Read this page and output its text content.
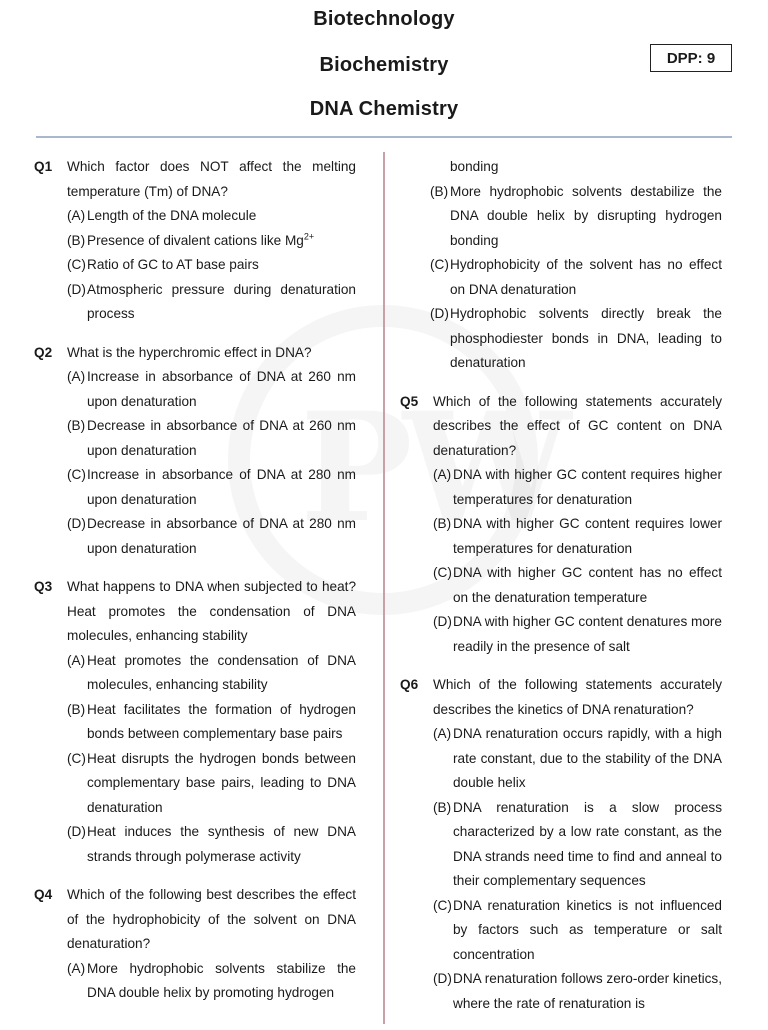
Biotechnology
Biochemistry
DNA Chemistry
DPP: 9
Q1	Which factor does NOT affect the melting temperature (Tm) of DNA?
(A) Length of the DNA molecule
(B) Presence of divalent cations like $Mg^{2+}$
(C) Ratio of GC to AT base pairs
(D) Atmospheric pressure during denaturation process
Q2	What is the hyperchromic effect in DNA?
(A) Increase in absorbance of DNA at 260 nm upon denaturation
(B) Decrease in absorbance of DNA at 260 nm upon denaturation
(C) Increase in absorbance of DNA at 280 nm upon denaturation
(D) Decrease in absorbance of DNA at 280 nm upon denaturation
Q3	What happens to DNA when subjected to heat? Heat promotes the condensation of DNA molecules, enhancing stability
(A) Heat promotes the condensation of DNA molecules, enhancing stability
(B) Heat facilitates the formation of hydrogen bonds between complementary base pairs
(C) Heat disrupts the hydrogen bonds between complementary base pairs, leading to DNA denaturation
(D) Heat induces the synthesis of new DNA strands through polymerase activity
Q4	Which of the following best describes the effect of the hydrophobicity of the solvent on DNA denaturation?
(A) More hydrophobic solvents stabilize the DNA double helix by promoting hydrogen
bonding
(B) More hydrophobic solvents destabilize the DNA double helix by disrupting hydrogen bonding
(C) Hydrophobicity of the solvent has no effect on DNA denaturation
(D) Hydrophobic solvents directly break the phosphodiester bonds in DNA, leading to denaturation
Q5	Which of the following statements accurately describes the effect of GC content on DNA denaturation?
(A) DNA with higher GC content requires higher temperatures for denaturation
(B) DNA with higher GC content requires lower temperatures for denaturation
(C) DNA with higher GC content has no effect on the denaturation temperature
(D) DNA with higher GC content denatures more readily in the presence of salt
Q6	Which of the following statements accurately describes the kinetics of DNA renaturation?
(A) DNA renaturation occurs rapidly, with a high rate constant, due to the stability of the DNA double helix
(B) DNA renaturation is a slow process characterized by a low rate constant, as the DNA strands need time to find and anneal to their complementary sequences
(C) DNA renaturation kinetics is not influenced by factors such as temperature or salt concentration
(D) DNA renaturation follows zero-order kinetics, where the rate of renaturation is
